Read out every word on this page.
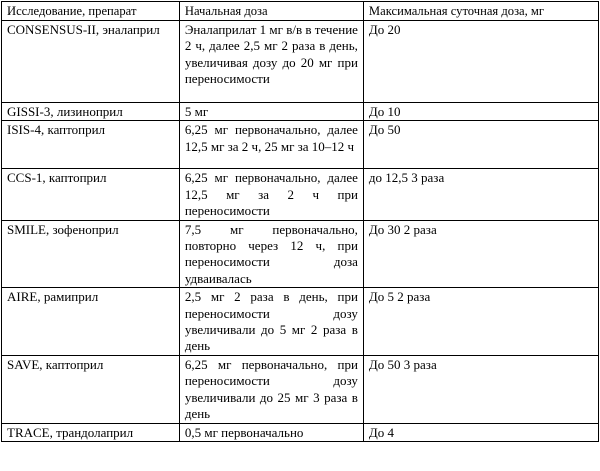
Исследование, препарат	Начальная доза	Максимальная суточная доза, мг
CONSENSUS-II, эналаприл	Эналаприлат 1 мг в/в в течение 2 ч, далее 2,5 мг 2 раза в день, увеличивая дозу до 20 мг при переносимости	До 20
GISSI-3, лизиноприл	5 мг	До 10
ISIS-4, каптоприл	6,25 мг первоначально, далее 12,5 мг за 2 ч, 25 мг за 10–12 ч	До 50
CCS-1, каптоприл	6,25 мг первоначально, далее 12,5 мг за 2 ч при переносимости	до 12,5 3 раза
SMILE, зофеноприл	7,5 мг первоначально, повторно через 12 ч, при переносимости доза удваивалась	До 30 2 раза
AIRE, рамиприл	2,5 мг 2 раза в день, при переносимости дозу увеличивали до 5 мг 2 раза в день	До 5 2 раза
SAVE, каптоприл	6,25 мг первоначально, при переносимости дозу увеличивали до 25 мг 3 раза в день	До 50 3 раза
TRACE, трандолаприл	0,5 мг первоначально	До 4
